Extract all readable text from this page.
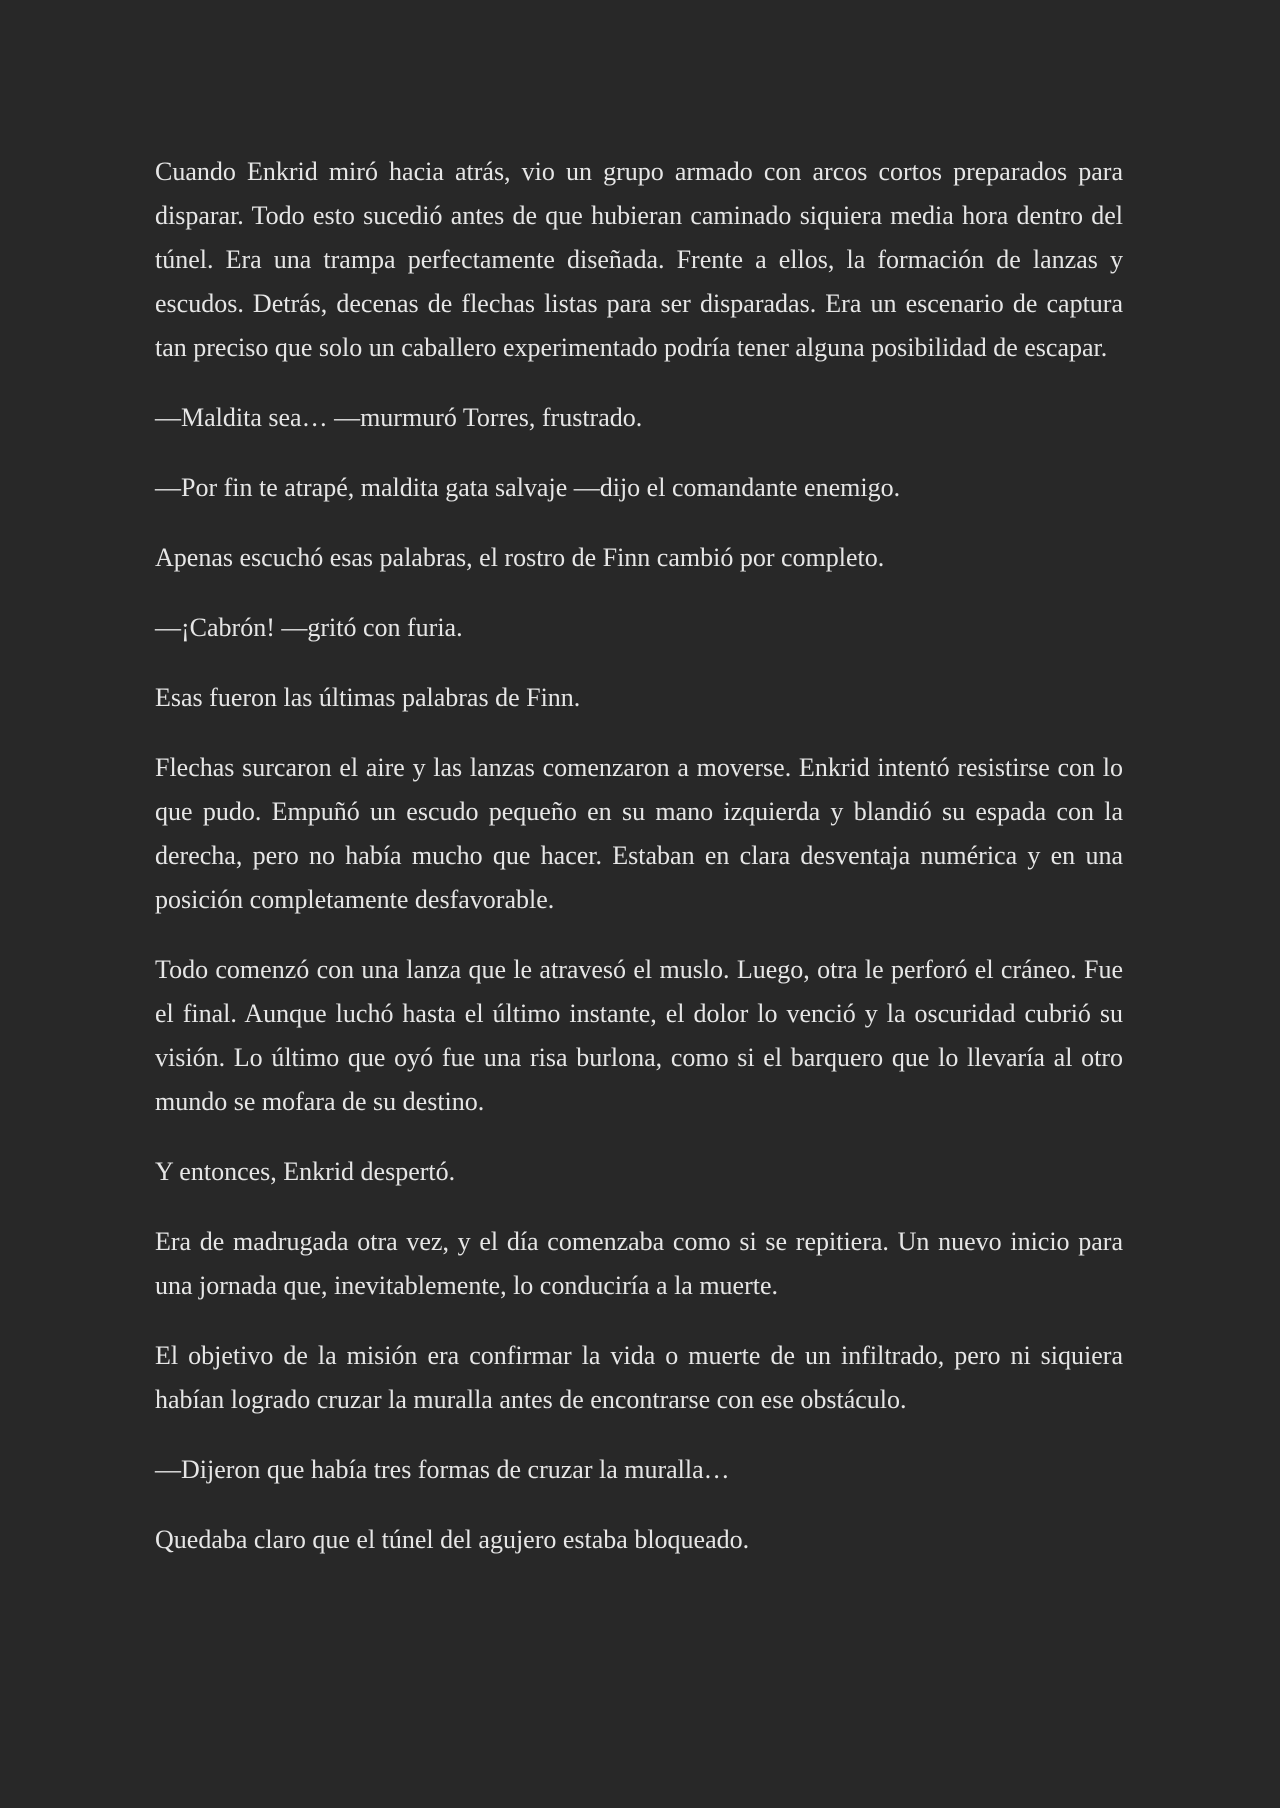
Cuando Enkrid miró hacia atrás, vio un grupo armado con arcos cortos preparados para disparar. Todo esto sucedió antes de que hubieran caminado siquiera media hora dentro del túnel. Era una trampa perfectamente diseñada. Frente a ellos, la formación de lanzas y escudos. Detrás, decenas de flechas listas para ser disparadas. Era un escenario de captura tan preciso que solo un caballero experimentado podría tener alguna posibilidad de escapar.

—Maldita sea… —murmuró Torres, frustrado.

—Por fin te atrapé, maldita gata salvaje —dijo el comandante enemigo.

Apenas escuchó esas palabras, el rostro de Finn cambió por completo.

—¡Cabrón! —gritó con furia.

Esas fueron las últimas palabras de Finn.

Flechas surcaron el aire y las lanzas comenzaron a moverse. Enkrid intentó resistirse con lo que pudo. Empuñó un escudo pequeño en su mano izquierda y blandió su espada con la derecha, pero no había mucho que hacer. Estaban en clara desventaja numérica y en una posición completamente desfavorable.

Todo comenzó con una lanza que le atravesó el muslo. Luego, otra le perforó el cráneo. Fue el final. Aunque luchó hasta el último instante, el dolor lo venció y la oscuridad cubrió su visión. Lo último que oyó fue una risa burlona, como si el barquero que lo llevaría al otro mundo se mofara de su destino.

Y entonces, Enkrid despertó.

Era de madrugada otra vez, y el día comenzaba como si se repitiera. Un nuevo inicio para una jornada que, inevitablemente, lo conduciría a la muerte.

El objetivo de la misión era confirmar la vida o muerte de un infiltrado, pero ni siquiera habían logrado cruzar la muralla antes de encontrarse con ese obstáculo.

—Dijeron que había tres formas de cruzar la muralla…

Quedaba claro que el túnel del agujero estaba bloqueado.
